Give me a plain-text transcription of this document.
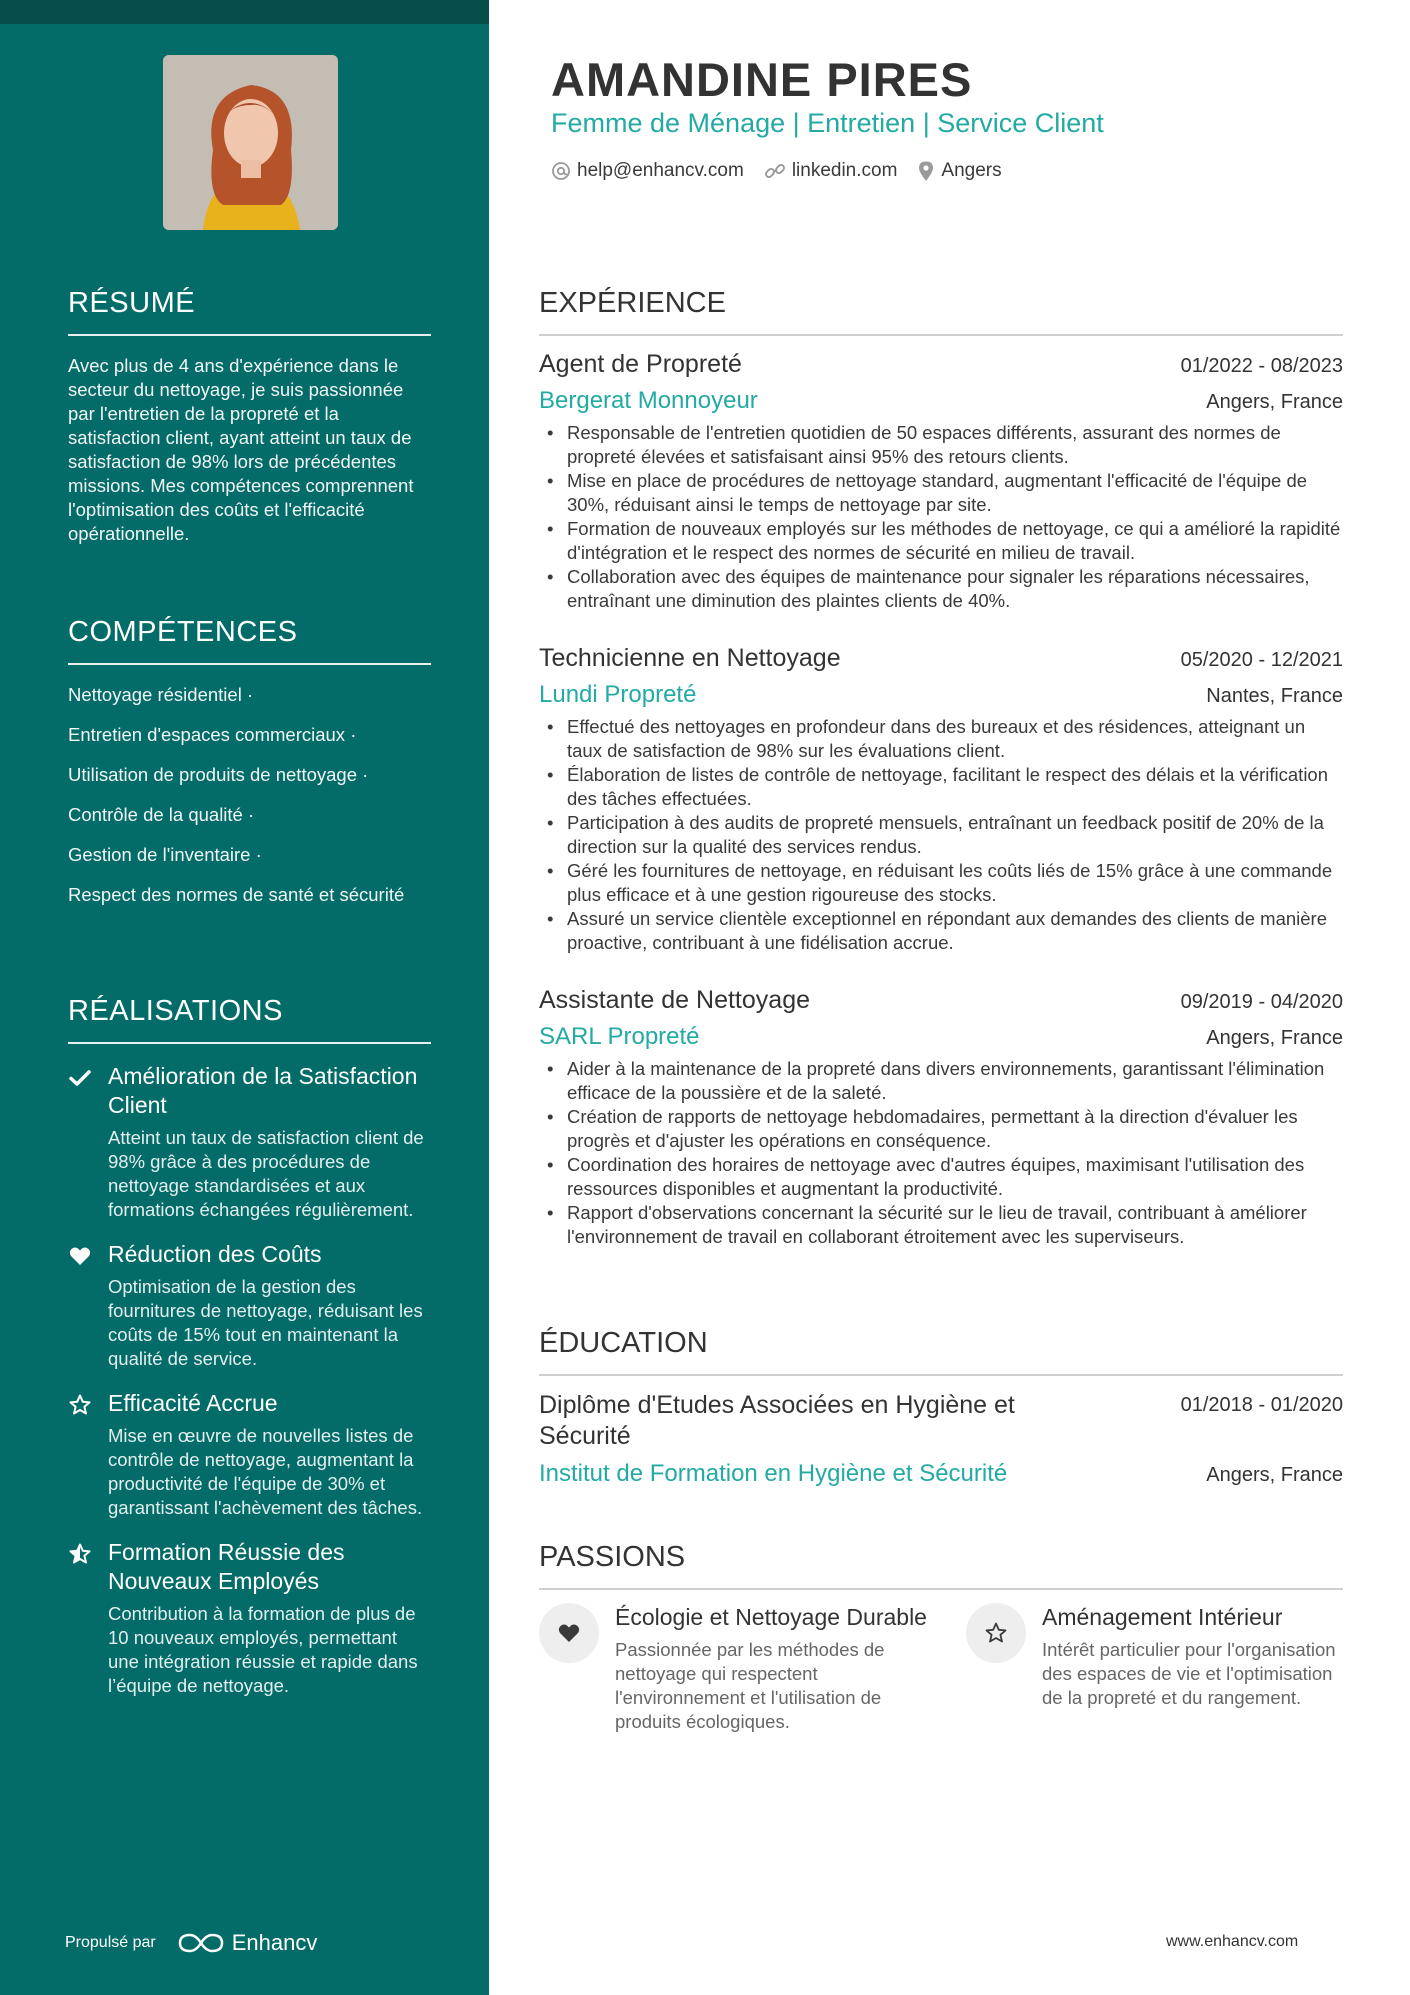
RÉSUMÉ
Avec plus de 4 ans d'expérience dans le secteur du nettoyage, je suis passionnée par l'entretien de la propreté et la satisfaction client, ayant atteint un taux de satisfaction de 98% lors de précédentes missions. Mes compétences comprennent l'optimisation des coûts et l'efficacité opérationnelle.
COMPÉTENCES
Nettoyage résidentiel ·
Entretien d'espaces commerciaux ·
Utilisation de produits de nettoyage ·
Contrôle de la qualité ·
Gestion de l'inventaire ·
Respect des normes de santé et sécurité
RÉALISATIONS
Amélioration de la Satisfaction Client
Atteint un taux de satisfaction client de 98% grâce à des procédures de nettoyage standardisées et aux formations échangées régulièrement.
Réduction des Coûts
Optimisation de la gestion des fournitures de nettoyage, réduisant les coûts de 15% tout en maintenant la qualité de service.
Efficacité Accrue
Mise en œuvre de nouvelles listes de contrôle de nettoyage, augmentant la productivité de l'équipe de 30% et garantissant l'achèvement des tâches.
Formation Réussie des Nouveaux Employés
Contribution à la formation de plus de 10 nouveaux employés, permettant une intégration réussie et rapide dans l’équipe de nettoyage.
Propulsé par	Enhancv
AMANDINE PIRES
Femme de Ménage | Entretien | Service Client
help@enhancv.com	linkedin.com Angers
EXPÉRIENCE
Agent de Propreté	01/2022 - 08/2023
Bergerat Monnoyeur	Angers, France
• Responsable de l'entretien quotidien de 50 espaces différents, assurant des normes de propreté élevées et satisfaisant ainsi 95% des retours clients.
• Mise en place de procédures de nettoyage standard, augmentant l'efficacité de l'équipe de 30%, réduisant ainsi le temps de nettoyage par site.
• Formation de nouveaux employés sur les méthodes de nettoyage, ce qui a amélioré la rapidité d'intégration et le respect des normes de sécurité en milieu de travail.
• Collaboration avec des équipes de maintenance pour signaler les réparations nécessaires, entraînant une diminution des plaintes clients de 40%.
Technicienne en Nettoyage	05/2020 - 12/2021
Lundi Propreté	Nantes, France
• Effectué des nettoyages en profondeur dans des bureaux et des résidences, atteignant un taux de satisfaction de 98% sur les évaluations client.
• Élaboration de listes de contrôle de nettoyage, facilitant le respect des délais et la vérification des tâches effectuées.
• Participation à des audits de propreté mensuels, entraînant un feedback positif de 20% de la direction sur la qualité des services rendus.
• Géré les fournitures de nettoyage, en réduisant les coûts liés de 15% grâce à une commande plus efficace et à une gestion rigoureuse des stocks.
• Assuré un service clientèle exceptionnel en répondant aux demandes des clients de manière proactive, contribuant à une fidélisation accrue.
Assistante de Nettoyage	09/2019 - 04/2020
SARL Propreté	Angers, France
• Aider à la maintenance de la propreté dans divers environnements, garantissant l'élimination efficace de la poussière et de la saleté.
• Création de rapports de nettoyage hebdomadaires, permettant à la direction d'évaluer les progrès et d'ajuster les opérations en conséquence.
• Coordination des horaires de nettoyage avec d'autres équipes, maximisant l'utilisation des ressources disponibles et augmentant la productivité.
• Rapport d'observations concernant la sécurité sur le lieu de travail, contribuant à améliorer l'environnement de travail en collaborant étroitement avec les superviseurs.
ÉDUCATION
Diplôme d'Etudes Associées en Hygiène et Sécurité
01/2018 - 01/2020
Institut de Formation en Hygiène et Sécurité	Angers, France
PASSIONS
Écologie et Nettoyage Durable
Passionnée par les méthodes de nettoyage qui respectent l'environnement et l'utilisation de produits écologiques.
Aménagement Intérieur
Intérêt particulier pour l'organisation des espaces de vie et l'optimisation de la propreté et du rangement.
www.enhancv.com
